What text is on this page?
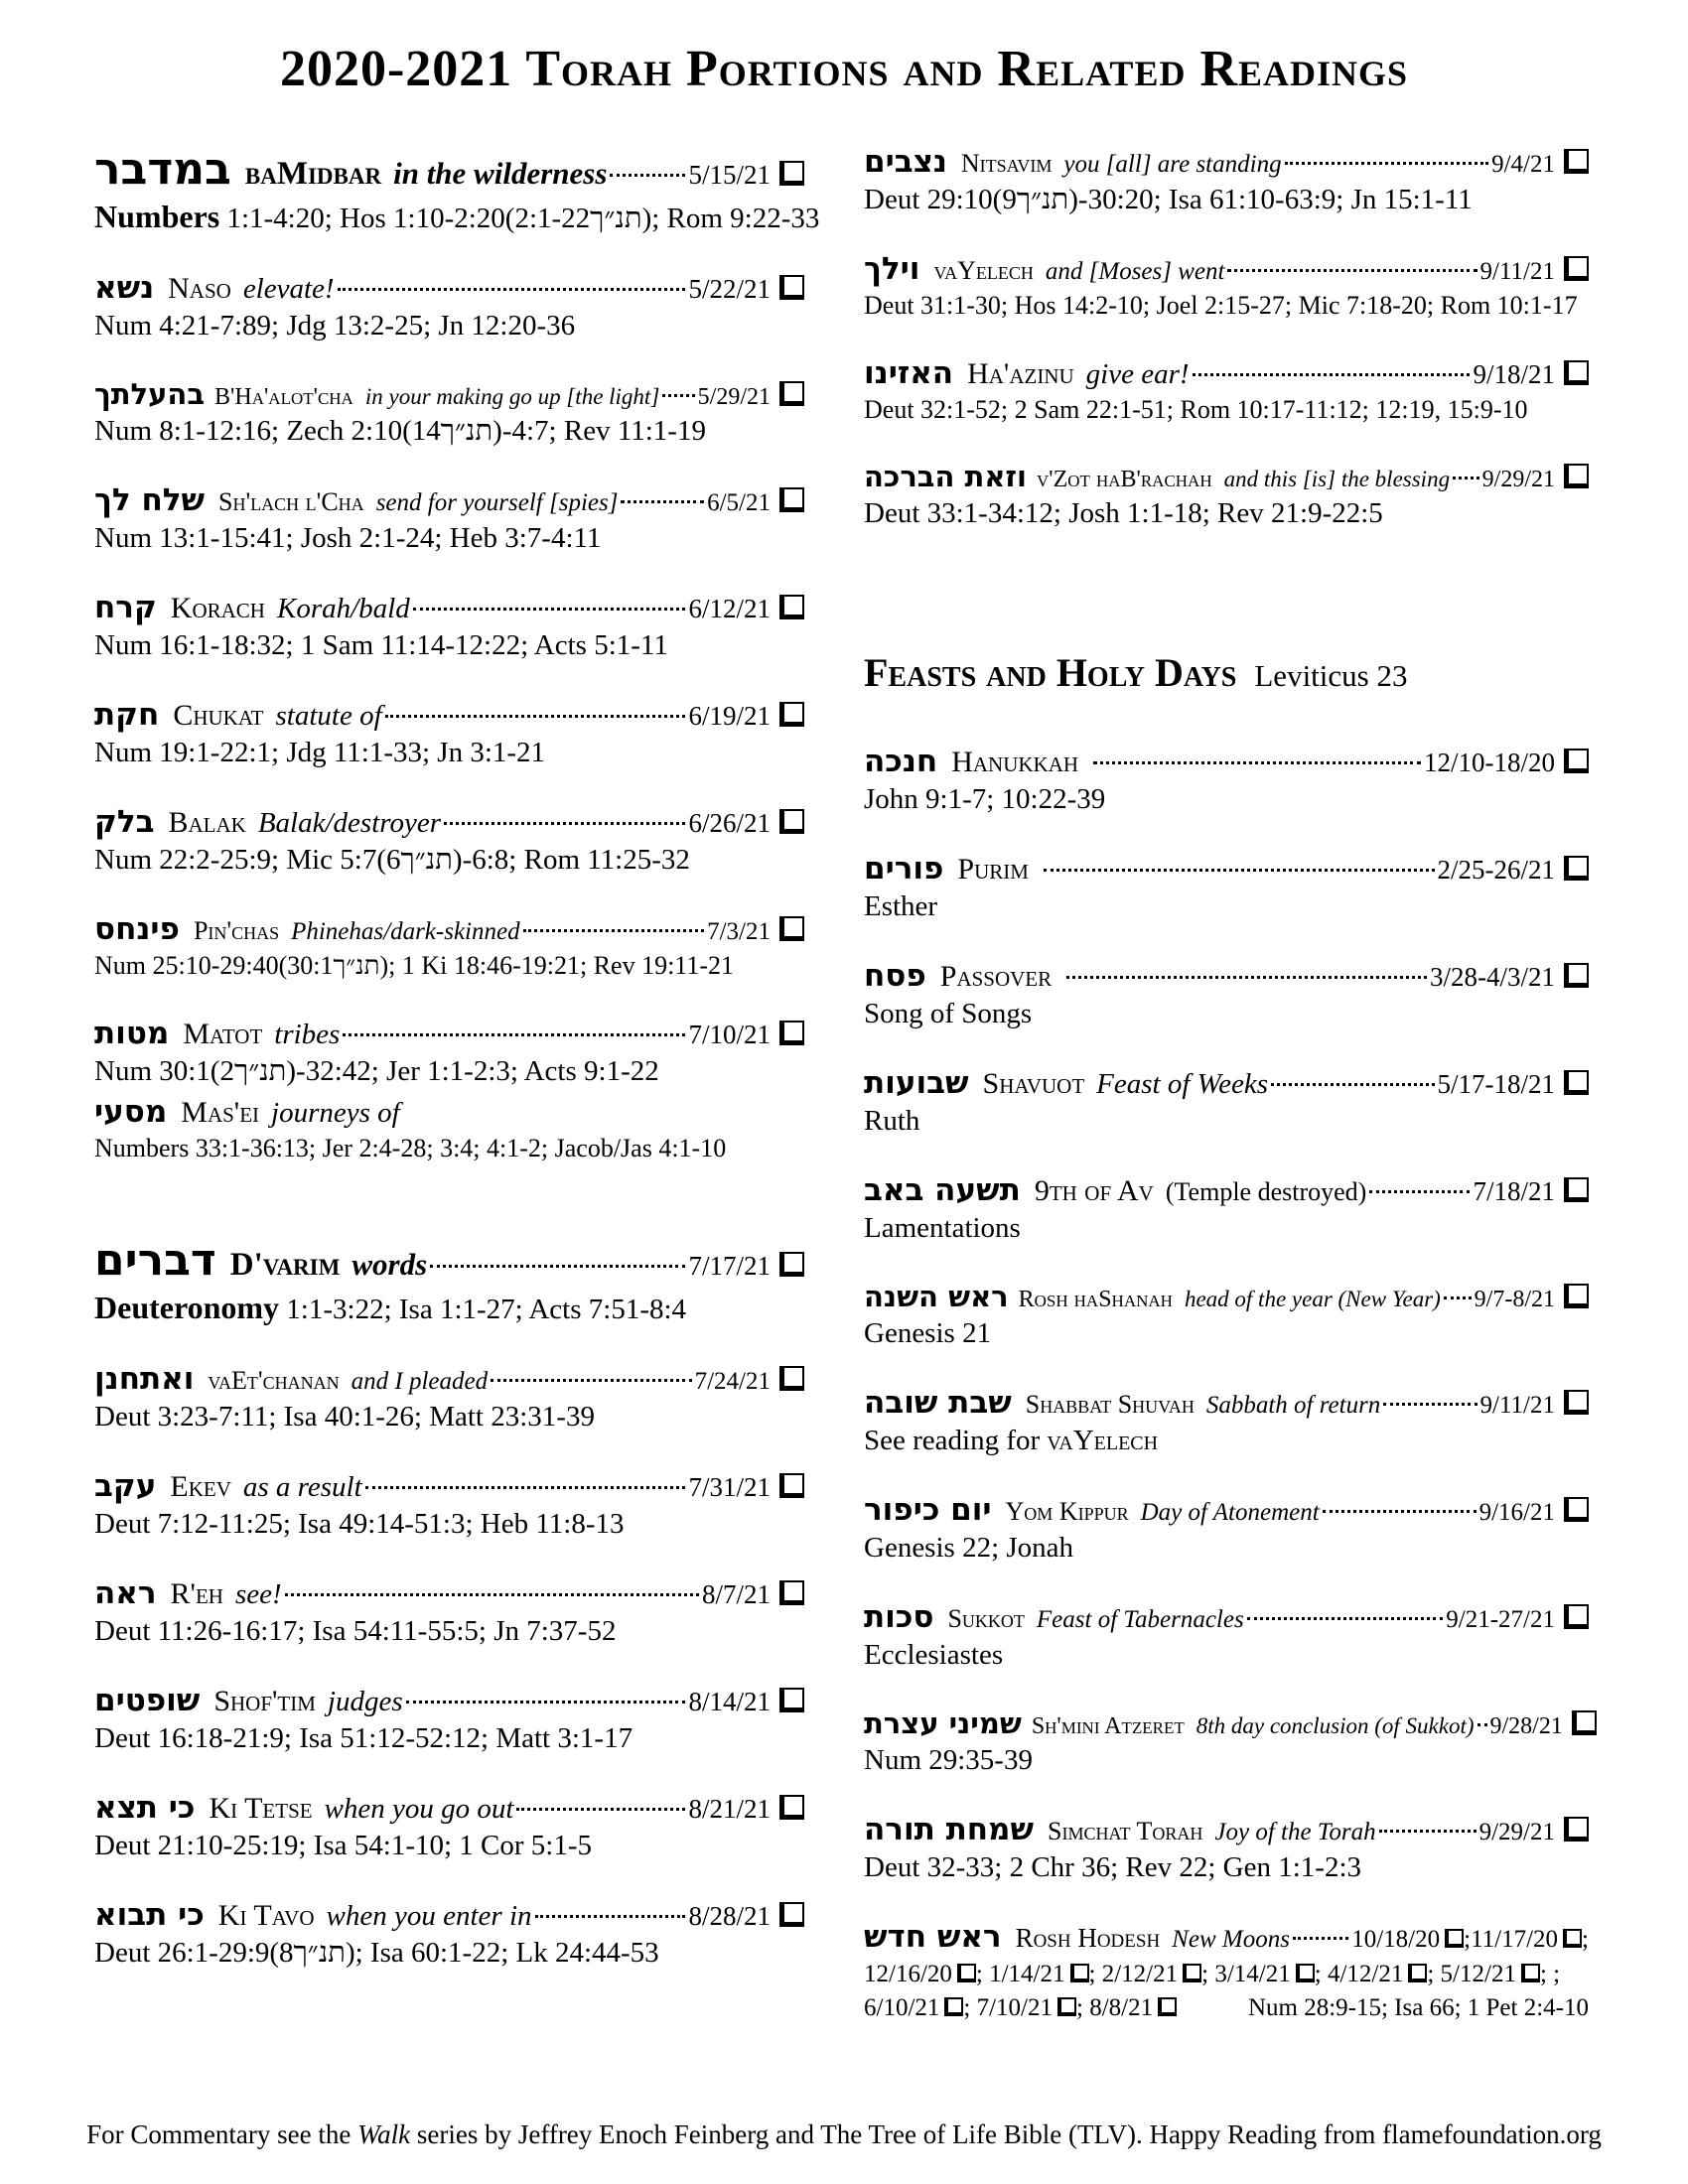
2020-2021 Torah Portions and Related Readings
במדבר baMidbar in the wilderness	5/15/21
Numbers 1:1-4:20; Hos 1:10-2:20(2:1-22תנ״ך); Rom 9:22-33
נשא Naso elevate!	5/22/21
Num 4:21-7:89; Jdg 13:2-25; Jn 12:20-36
בהעלתך B'Ha'alot'cha in your making go up [the light] 5/29/21
Num 8:1-12:16; Zech 2:10(14תנ״ך)-4:7; Rev 11:1-19
שלח לך Sh'lach l'Cha send for yourself [spies]	6/5/21
Num 13:1-15:41; Josh 2:1-24; Heb 3:7-4:11
קרח Korach Korah/bald	6/12/21
Num 16:1-18:32; 1 Sam 11:14-12:22; Acts 5:1-11
חקת Chukat statute of	6/19/21
Num 19:1-22:1; Jdg 11:1-33; Jn 3:1-21
בלק Balak Balak/destroyer	6/26/21
Num 22:2-25:9; Mic 5:7(6תנ״ך)-6:8; Rom 11:25-32
פינחס Pin'chas Phinehas/dark-skinned	7/3/21
Num 25:10-29:40(30:1תנ״ך); 1 Ki 18:46-19:21; Rev 19:11-21
מטות Matot tribes	7/10/21
Num 30:1(2תנ״ך)-32:42; Jer 1:1-2:3; Acts 9:1-22
מסעי Mas'ei journeys of
Numbers 33:1-36:13; Jer 2:4-28; 3:4; 4:1-2; Jacob/Jas 4:1-10
דברים D'varim words	7/17/21
Deuteronomy 1:1-3:22; Isa 1:1-27; Acts 7:51-8:4
ואתחנן vaEt'chanan and I pleaded	7/24/21
Deut 3:23-7:11; Isa 40:1-26; Matt 23:31-39
עקב Ekev as a result	7/31/21
Deut 7:12-11:25; Isa 49:14-51:3; Heb 11:8-13
ראה R'eh see!	8/7/21
Deut 11:26-16:17; Isa 54:11-55:5; Jn 7:37-52
שופטים Shof'tim judges	8/14/21
Deut 16:18-21:9; Isa 51:12-52:12; Matt 3:1-17
כי תצא Ki Tetse when you go out	8/21/21
Deut 21:10-25:19; Isa 54:1-10; 1 Cor 5:1-5
כי תבוא Ki Tavo when you enter in	8/28/21
Deut 26:1-29:9(8תנ״ך); Isa 60:1-22; Lk 24:44-53
נצבים Nitsavim you [all] are standing	9/4/21
Deut 29:10(9תנ״ך)-30:20; Isa 61:10-63:9; Jn 15:1-11
וילך vaYelech and [Moses] went	9/11/21
Deut 31:1-30; Hos 14:2-10; Joel 2:15-27; Mic 7:18-20; Rom 10:1-17
האזינו Ha'azinu give ear!	9/18/21
Deut 32:1-52; 2 Sam 22:1-51; Rom 10:17-11:12; 12:19, 15:9-10
וזאת הברכה v'Zot haB'rachah and this [is] the blessing 9/29/21
Deut 33:1-34:12; Josh 1:1-18; Rev 21:9-22:5
Feasts and Holy Days Leviticus 23
חנכה Hanukkah	12/10-18/20
John 9:1-7; 10:22-39
פורים Purim	2/25-26/21
Esther
פסח Passover	3/28-4/3/21
Song of Songs
שבועות Shavuot Feast of Weeks	5/17-18/21
Ruth
תשעה באב 9th of Av (Temple destroyed)	7/18/21
Lamentations
ראש השנה Rosh haShanah head of the year (New Year) 9/7-8/21
Genesis 21
שבת שובה Shabbat Shuvah Sabbath of return	9/11/21
See reading for vaYelech
יום כיפור Yom Kippur Day of Atonement	9/16/21
Genesis 22; Jonah
סכות Sukkot Feast of Tabernacles	9/21-27/21
Ecclesiastes
שמיני עצרת Sh'mini Atzeret 8th day conclusion (of Sukkot) 9/28/21
Num 29:35-39
שמחת תורה Simchat Torah Joy of the Torah	9/29/21
Deut 32-33; 2 Chr 36; Rev 22; Gen 1:1-2:3
ראש חדש Rosh Hodesh New Moons 10/18/20 ;	11/17/20 ;
12/16/20 ; 1/14/21 ; 2/12/21 ; 3/14/21 ; 4/12/21 ; 5/12/21 ; ;
6/10/21 ; 7/10/21 ; 8/8/21	Num 28:9-15; Isa 66; 1 Pet 2:4-10
For Commentary see the Walk series by Jeffrey Enoch Feinberg and The Tree of Life Bible (TLV). Happy Reading from flamefoundation.org
